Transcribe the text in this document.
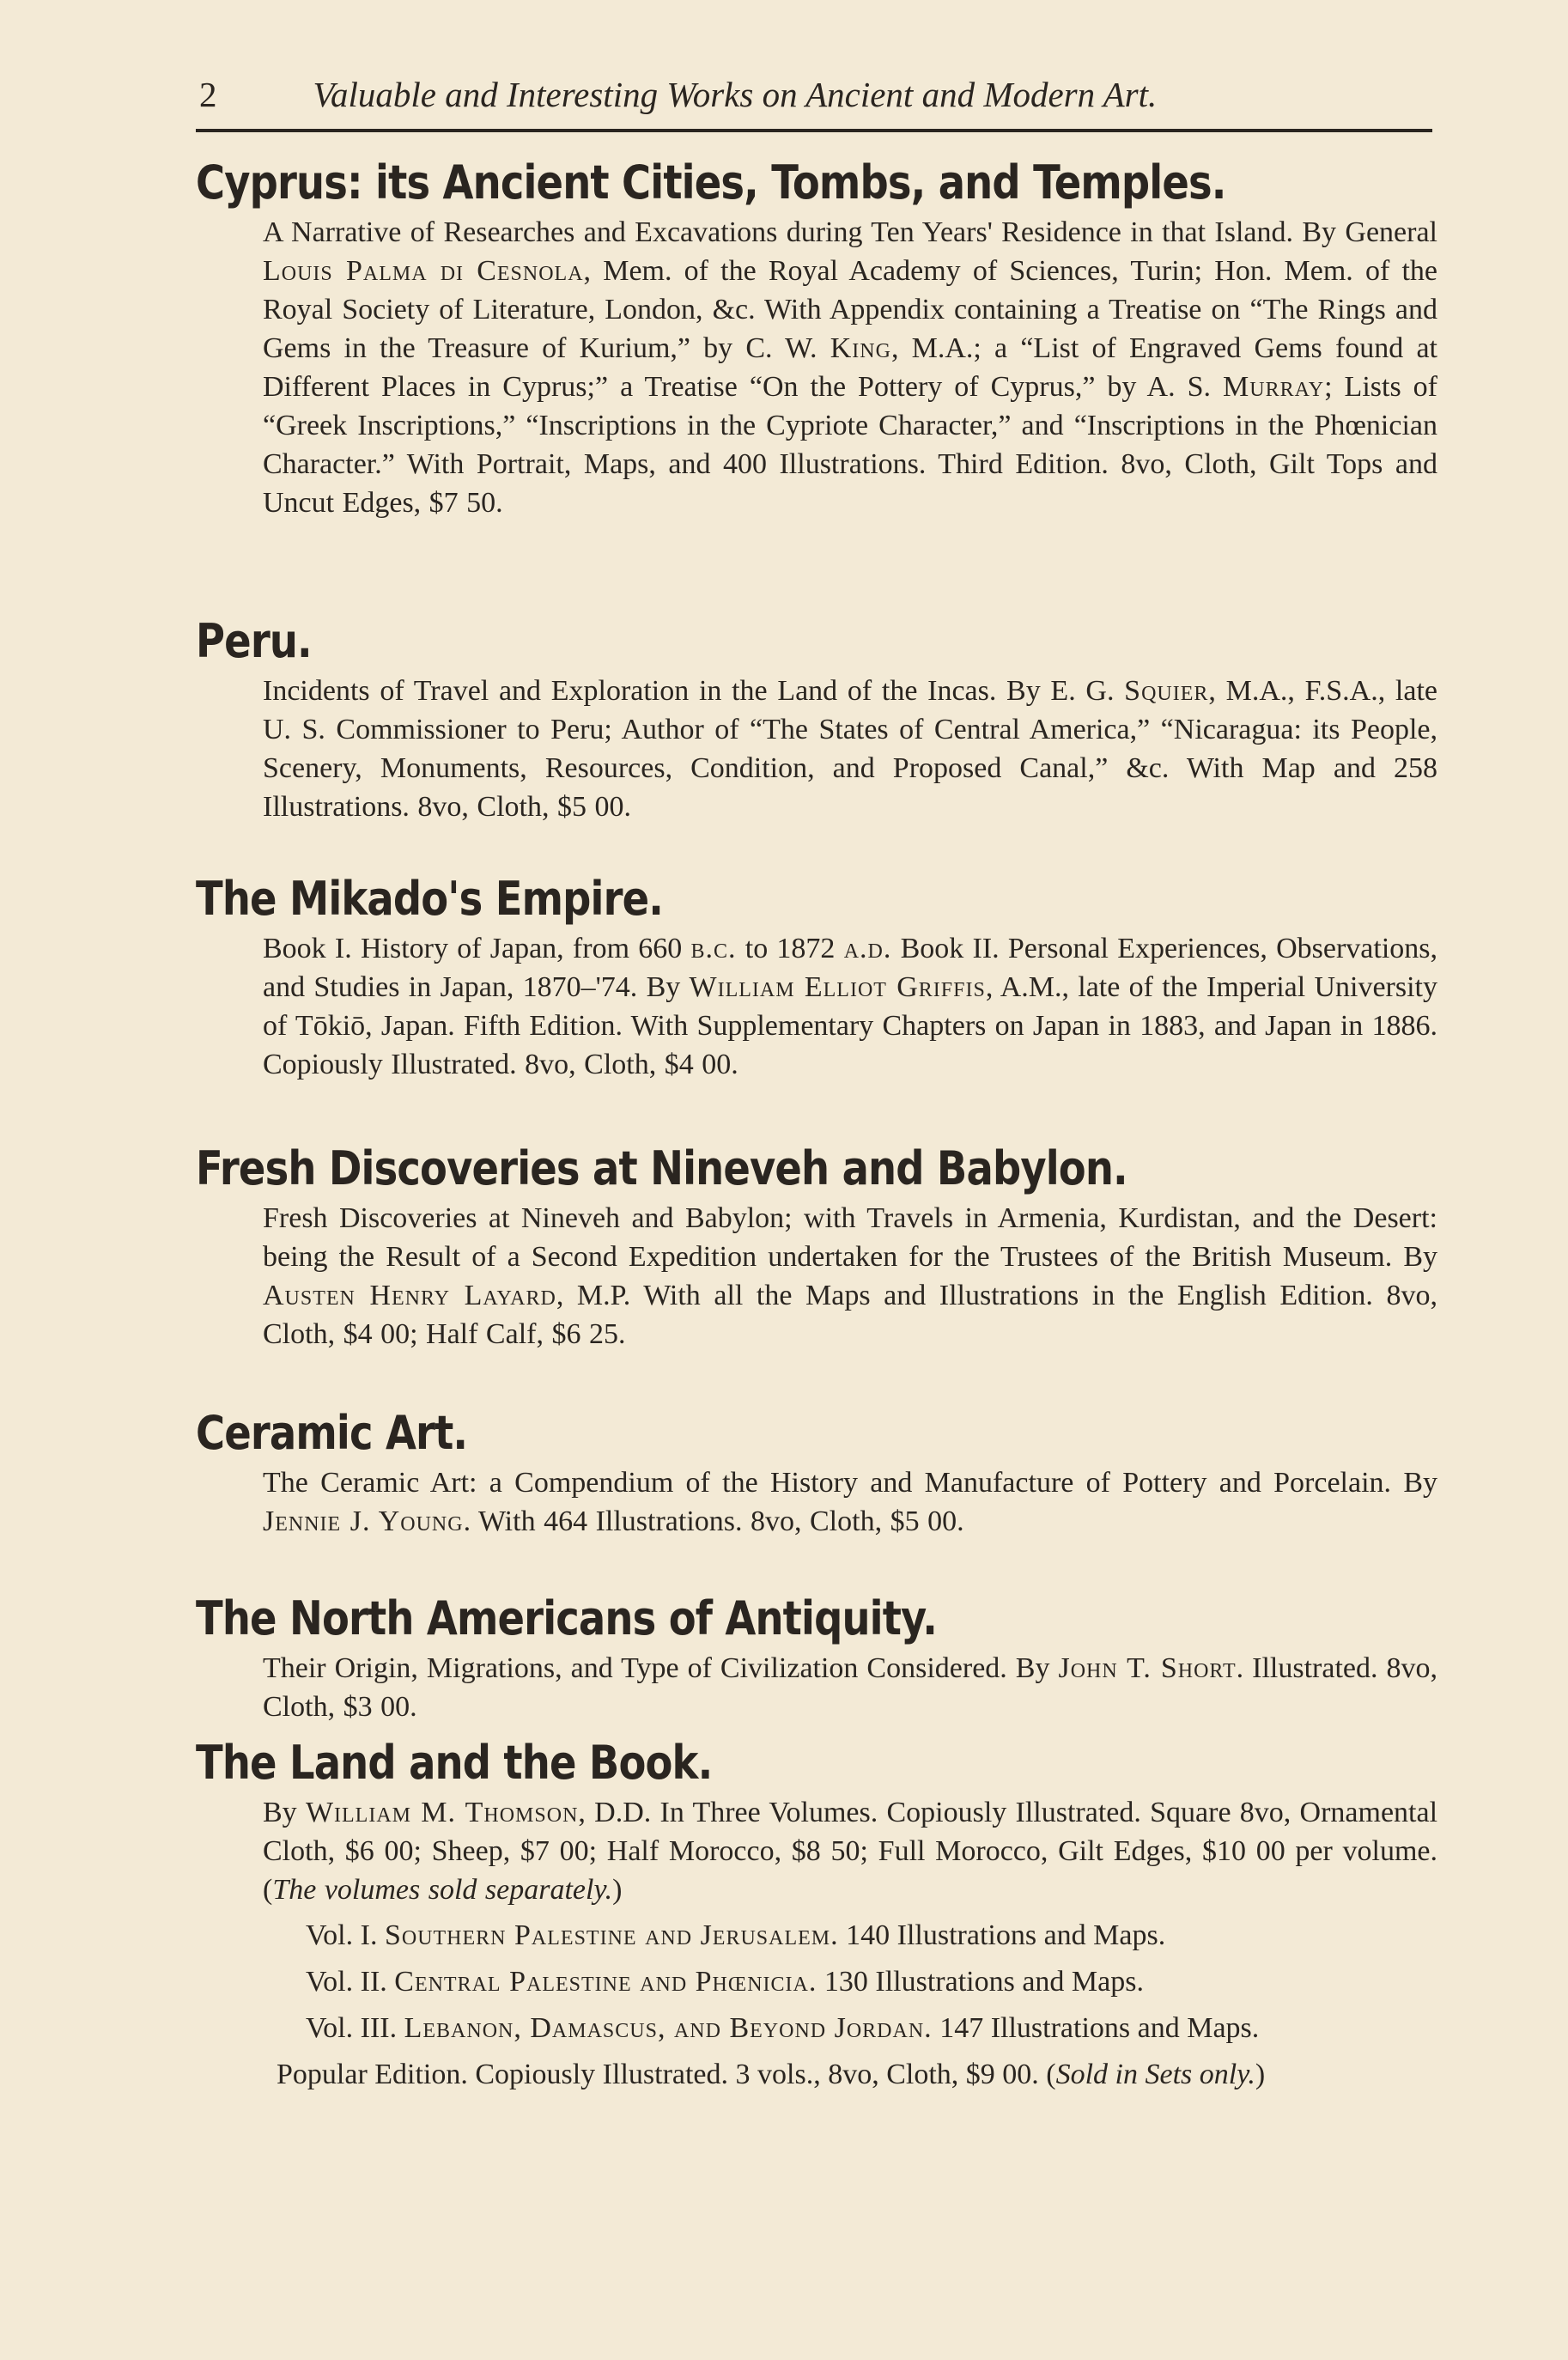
2	Valuable and Interesting Works on Ancient and Modern Art.
Cyprus: its Ancient Cities, Tombs, and Temples.
A Narrative of Researches and Excavations during Ten Years' Residence in that Island. By General Louis Palma di Cesnola, Mem. of the Royal Academy of Sciences, Turin; Hon. Mem. of the Royal Society of Literature, London, &c. With Appendix containing a Treatise on “The Rings and Gems in the Treasure of Kurium,” by C. W. King, M.A.; a “List of Engraved Gems found at Different Places in Cyprus;” a Treatise “On the Pottery of Cyprus,” by A. S. Murray; Lists of “Greek Inscriptions,” “Inscriptions in the Cypriote Character,” and “Inscriptions in the Phœnician Character.” With Portrait, Maps, and 400 Illustrations. Third Edition. 8vo, Cloth, Gilt Tops and Uncut Edges, $7 50.
Peru.
Incidents of Travel and Exploration in the Land of the Incas. By E. G. Squier, M.A., F.S.A., late U. S. Commissioner to Peru; Author of “The States of Central America,” “Nicaragua: its People, Scenery, Monuments, Resources, Condition, and Proposed Canal,” &c. With Map and 258 Illustrations. 8vo, Cloth, $5 00.
The Mikado's Empire.
Book I. History of Japan, from 660 b.c. to 1872 a.d. Book II. Personal Experiences, Observations, and Studies in Japan, 1870–'74. By William Elliot Griffis, A.M., late of the Imperial University of Tōkiō, Japan. Fifth Edition. With Supplementary Chapters on Japan in 1883, and Japan in 1886. Copiously Illustrated. 8vo, Cloth, $4 00.
Fresh Discoveries at Nineveh and Babylon.
Fresh Discoveries at Nineveh and Babylon; with Travels in Armenia, Kurdistan, and the Desert: being the Result of a Second Expedition undertaken for the Trustees of the British Museum. By Austen Henry Layard, M.P. With all the Maps and Illustrations in the English Edition. 8vo, Cloth, $4 00; Half Calf, $6 25.
Ceramic Art.
The Ceramic Art: a Compendium of the History and Manufacture of Pottery and Porcelain. By Jennie J. Young. With 464 Illustrations. 8vo, Cloth, $5 00.
The North Americans of Antiquity.
Their Origin, Migrations, and Type of Civilization Considered. By John T. Short. Illustrated. 8vo, Cloth, $3 00.
The Land and the Book.
By William M. Thomson, D.D. In Three Volumes. Copiously Illustrated. Square 8vo, Ornamental Cloth, $6 00; Sheep, $7 00; Half Morocco, $8 50; Full Morocco, Gilt Edges, $10 00 per volume. (The volumes sold separately.)
Vol. I. Southern Palestine and Jerusalem. 140 Illustrations and Maps.
Vol. II. Central Palestine and Phœnicia. 130 Illustrations and Maps.
Vol. III. Lebanon, Damascus, and Beyond Jordan. 147 Illustrations and Maps.
Popular Edition. Copiously Illustrated. 3 vols., 8vo, Cloth, $9 00. (Sold in Sets only.)
